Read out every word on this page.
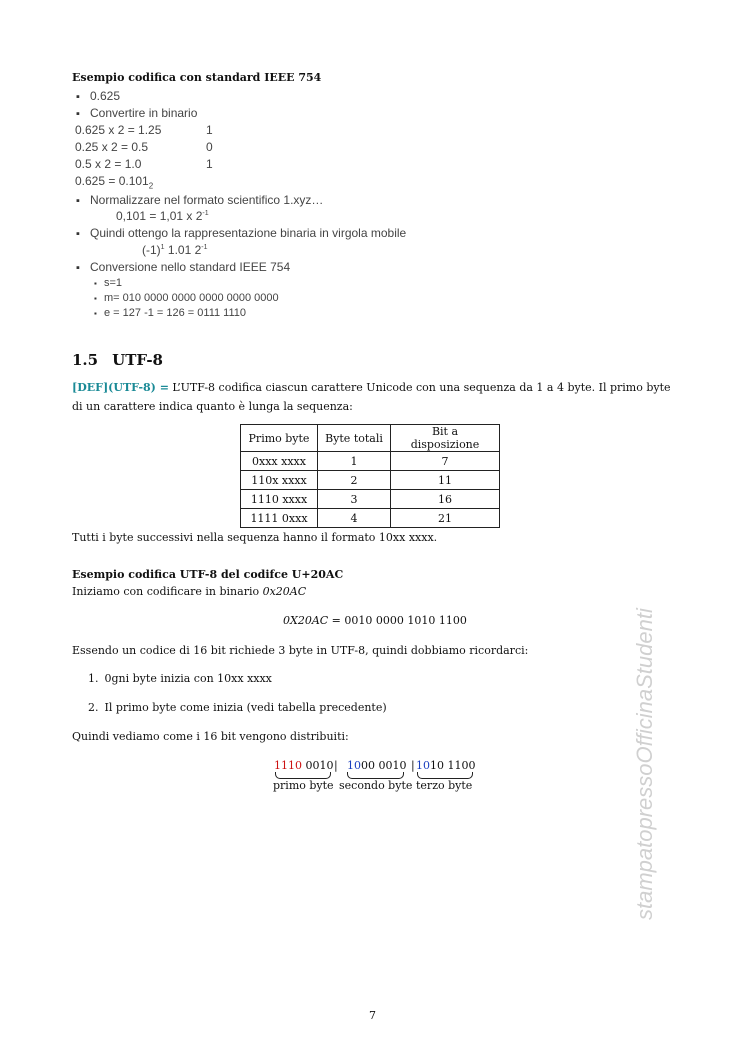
Esempio codifica con standard IEEE 754
▪ 0.625
▪ Convertire in binario
0.625 x 2 = 1.25	1
0.25 x 2 = 0.5	0
0.5 x 2 = 1.0	1
$0.625 = 0.101_2$
▪ Normalizzare nel formato scientifico 1.xyz…
0,101 = 1,01 x $2^{-1}$
▪ Quindi ottengo la rappresentazione binaria in virgola mobile
$(-1)^1$ 1.01 $2^{-1}$
▪ Conversione nello standard IEEE 754
▪ s=1
▪ m= 010 0000 0000 0000 0000 0000
▪ e = 127 -1 = 126 = 0111 1110
1.5 UTF-8
[DEF](UTF-8) = L’UTF-8 codifica ciascun carattere Unicode con una sequenza da 1 a 4 byte. Il primo byte
di un carattere indica quanto è lunga la sequenza:
Primo byte	Byte totali	Bit a disposizione
0xxx xxxx	1	7
110x xxxx	2	11
1110 xxxx	3	16
1111 0xxx	4	21
Tutti i byte successivi nella sequenza hanno il formato 10xx xxxx.
Esempio codifica UTF-8 del codifce U+20AC
Iniziamo con codificare in binario 0x20AC
0X20AC = 0010 0000 1010 1100
Essendo un codice di 16 bit richiede 3 byte in UTF-8, quindi dobbiamo ricordarci:
1. 0gni byte inizia con 10xx xxxx
2. Il primo byte come inizia (vedi tabella precedente)
Quindi vediamo come i 16 bit vengono distribuiti:
1110 0010 | 1000 0010 | 1010 1100
primo byte secondo byte terzo byte	stampatopressoOfficinaStudenti
7
